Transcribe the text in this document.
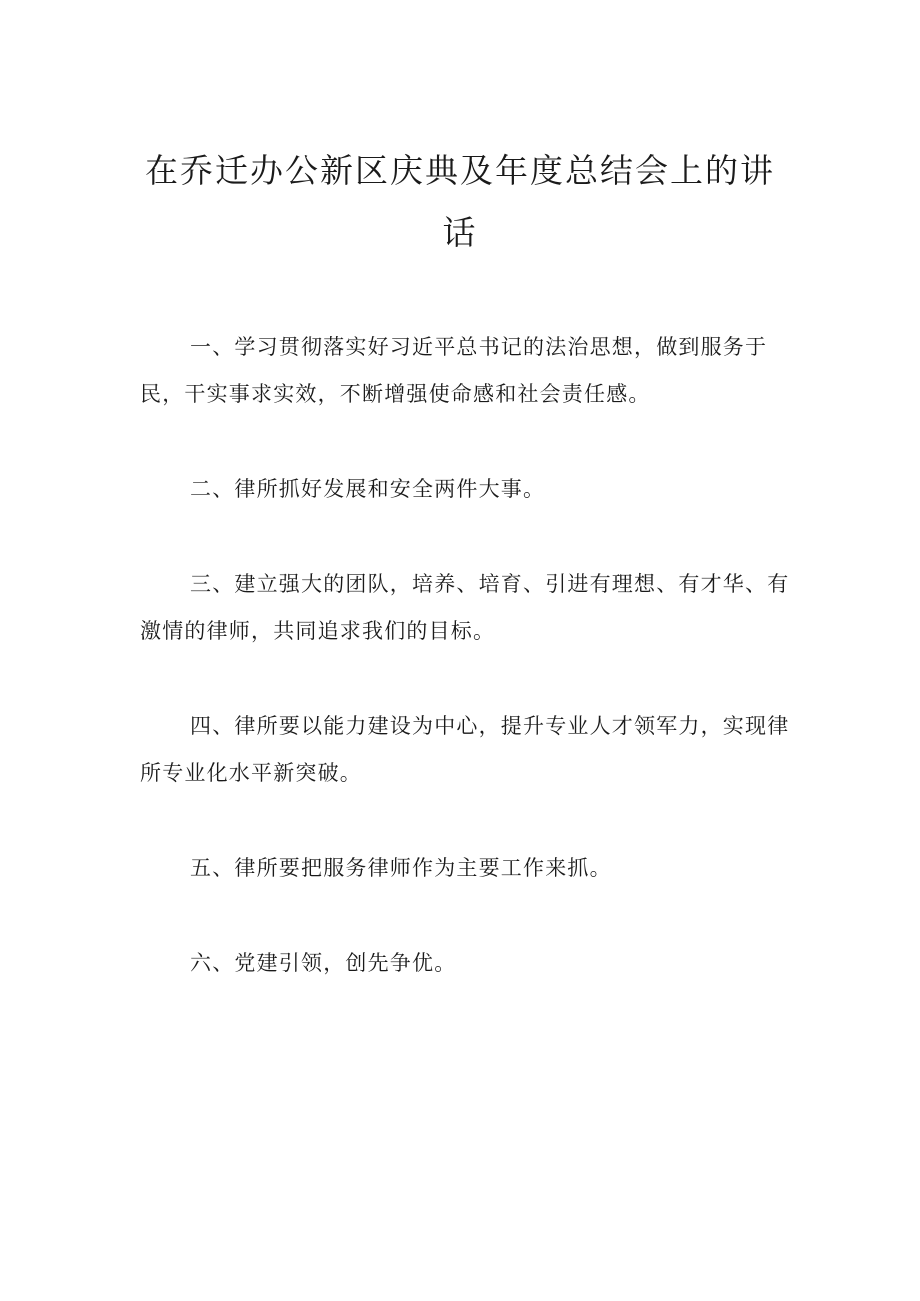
在乔迁办公新区庆典及年度总结会上的讲话

一、学习贯彻落实好习近平总书记的法治思想，做到服务于民，干实事求实效，不断增强使命感和社会责任感。

二、律所抓好发展和安全两件大事。

三、建立强大的团队，培养、培育、引进有理想、有才华、有激情的律师，共同追求我们的目标。

四、律所要以能力建设为中心，提升专业人才领军力，实现律所专业化水平新突破。

五、律所要把服务律师作为主要工作来抓。

六、党建引领，创先争优。
